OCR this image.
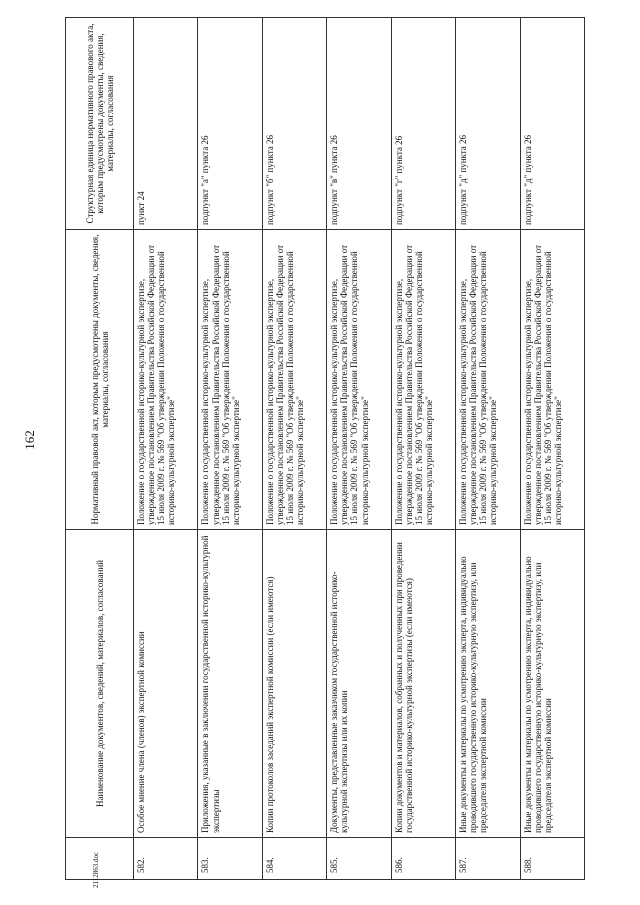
162
	Наименование документов, сведений, материалов, согласований	Нормативный правовой акт, которым предусмотрены документы, сведения, материалы, согласования	Структурная единица нормативного правового акта, которым предусмотрены документы, сведения, материалы, согласования
582.	Особое мнение члена (членов) экспертной комиссии	Положение о государственной историко-культурной экспертизе, утвержденное постановлением Правительства Российской Федерации от 15 июля 2009 г. № 569 "Об утверждении Положения о государственной историко-культурной экспертизе"	пункт 24
583.	Приложения, указанные в заключении государственной историко-культурной экспертизы	Положение о государственной историко-культурной экспертизе, утвержденное постановлением Правительства Российской Федерации от 15 июля 2009 г. № 569 "Об утверждении Положения о государственной историко-культурной экспертизе"	подпункт "а" пункта 26
584.	Копии протоколов заседаний экспертной комиссии (если имеются)	Положение о государственной историко-культурной экспертизе, утвержденное постановлением Правительства Российской Федерации от 15 июля 2009 г. № 569 "Об утверждении Положения о государственной историко-культурной экспертизе"	подпункт "б" пункта 26
585.	Документы, представленные заказчиком государственной историко-культурной экспертизы или их копии	Положение о государственной историко-культурной экспертизе, утвержденное постановлением Правительства Российской Федерации от 15 июля 2009 г. № 569 "Об утверждении Положения о государственной историко-культурной экспертизе"	подпункт "в" пункта 26
586.	Копии документов и материалов, собранных и полученных при проведении государственной историко-культурной экспертизы (если имеются)	Положение о государственной историко-культурной экспертизе, утвержденное постановлением Правительства Российской Федерации от 15 июля 2009 г. № 569 "Об утверждении Положения о государственной историко-культурной экспертизе"	подпункт "г" пункта 26
587.	Иные документы и материалы по усмотрению эксперта, индивидуально проводившего государственную историко-культурную экспертизу, или председателя экспертной комиссии	Положение о государственной историко-культурной экспертизе, утвержденное постановлением Правительства Российской Федерации от 15 июля 2009 г. № 569 "Об утверждении Положения о государственной историко-культурной экспертизе"	подпункт "д" пункта 26
588.	Иные документы и материалы по усмотрению эксперта, индивидуально проводившего государственную историко-культурную экспертизу, или председателя экспертной комиссии	Положение о государственной историко-культурной экспертизе, утвержденное постановлением Правительства Российской Федерации от 15 июля 2009 г. № 569 "Об утверждении Положения о государственной историко-культурной экспертизе"	подпункт "д" пункта 26
2112863.doc
